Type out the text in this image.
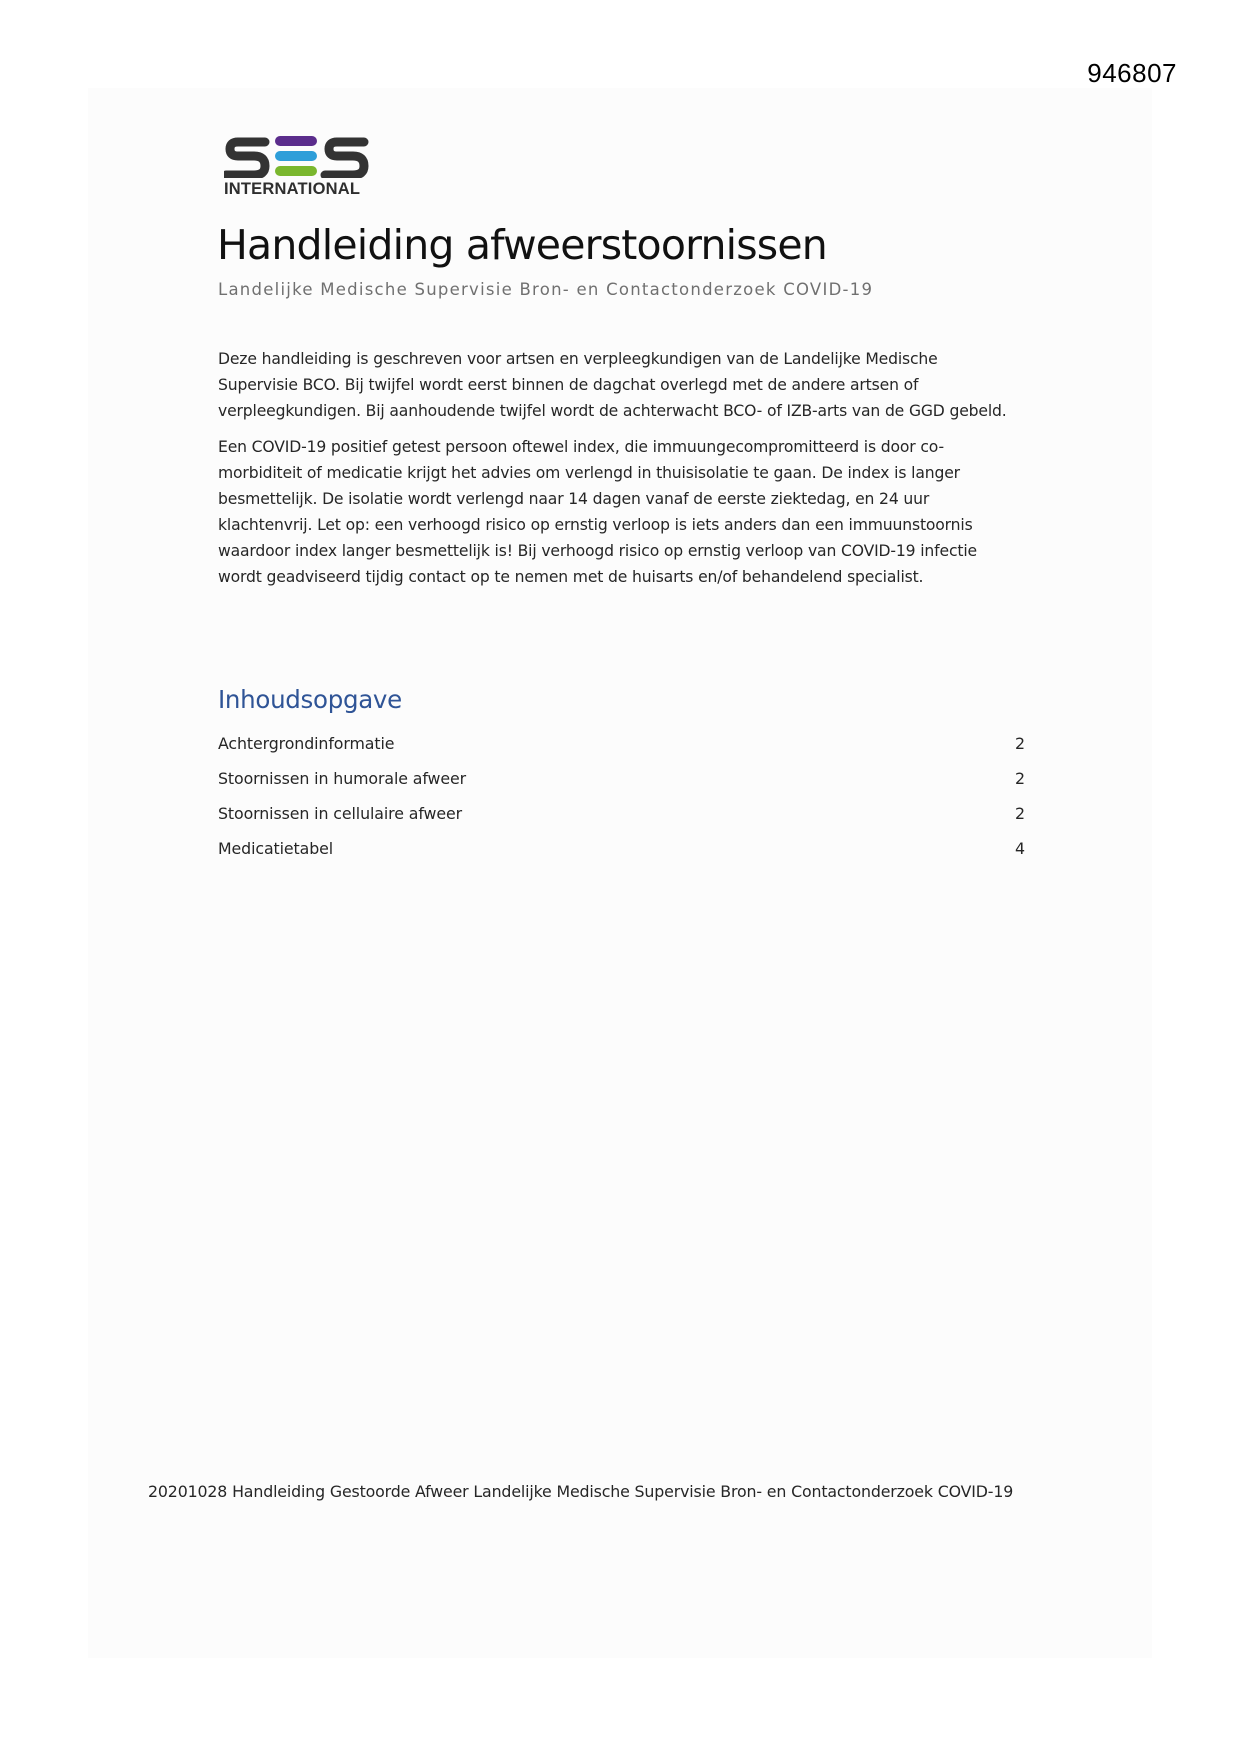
946807
INTERNATIONAL
Handleiding afweerstoornissen
Landelijke Medische Supervisie Bron- en Contactonderzoek COVID-19

Deze handleiding is geschreven voor artsen en verpleegkundigen van de Landelijke Medische Supervisie BCO. Bij twijfel wordt eerst binnen de dagchat overlegd met de andere artsen of verpleegkundigen. Bij aanhoudende twijfel wordt de achterwacht BCO- of IZB-arts van de GGD gebeld.

Een COVID-19 positief getest persoon oftewel index, die immuungecompromitteerd is door co-morbiditeit of medicatie krijgt het advies om verlengd in thuisisolatie te gaan. De index is langer besmettelijk. De isolatie wordt verlengd naar 14 dagen vanaf de eerste ziektedag, en 24 uur klachtenvrij. Let op: een verhoogd risico op ernstig verloop is iets anders dan een immuunstoornis waardoor index langer besmettelijk is! Bij verhoogd risico op ernstig verloop van COVID-19 infectie wordt geadviseerd tijdig contact op te nemen met de huisarts en/of behandelend specialist.

Inhoudsopgave
Achtergrondinformatie	2
Stoornissen in humorale afweer	2
Stoornissen in cellulaire afweer	2
Medicatietabel	4
20201028 Handleiding Gestoorde Afweer Landelijke Medische Supervisie Bron- en Contactonderzoek COVID-19
